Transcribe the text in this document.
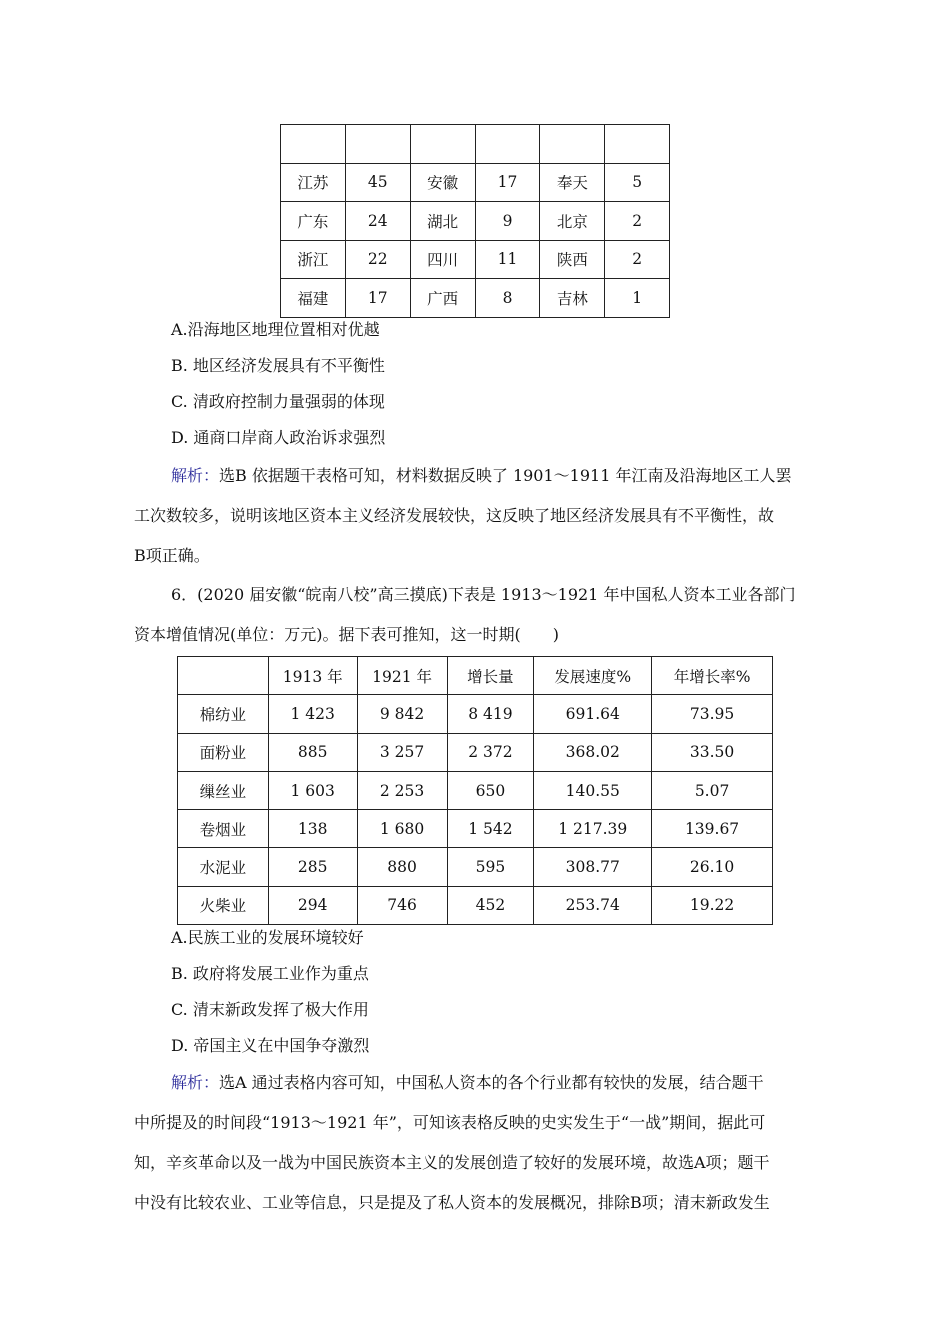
江苏	45	安徽	17	奉天	5
广东	24	湖北	9	北京	2
浙江	22	四川	11	陕西	2
福建	17	广西	8	吉林	1
A.沿海地区地理位置相对优越
B. 地区经济发展具有不平衡性
C. 清政府控制力量强弱的体现
D. 通商口岸商人政治诉求强烈
解析：选B 依据题干表格可知，材料数据反映了 1901～1911 年江南及沿海地区工人罢
工次数较多，说明该地区资本主义经济发展较快，这反映了地区经济发展具有不平衡性，故
B项正确。
6．(2020 届安徽“皖南八校”高三摸底)下表是 1913～1921 年中国私人资本工业各部门
资本增值情况(单位：万元)。据下表可推知，这一时期(　　)
	1913 年	1921 年	增长量	发展速度%	年增长率%
棉纺业	1 423	9 842	8 419	691.64	73.95
面粉业	885	3 257	2 372	368.02	33.50
缫丝业	1 603	2 253	650	140.55	5.07
卷烟业	138	1 680	1 542	1 217.39	139.67
水泥业	285	880	595	308.77	26.10
火柴业	294	746	452	253.74	19.22
A.民族工业的发展环境较好
B. 政府将发展工业作为重点
C. 清末新政发挥了极大作用
D. 帝国主义在中国争夺激烈
解析：选A 通过表格内容可知，中国私人资本的各个行业都有较快的发展，结合题干
中所提及的时间段“1913～1921 年”，可知该表格反映的史实发生于“一战”期间，据此可
知，辛亥革命以及一战为中国民族资本主义的发展创造了较好的发展环境，故选A项；题干
中没有比较农业、工业等信息，只是提及了私人资本的发展概况，排除B项；清末新政发生
